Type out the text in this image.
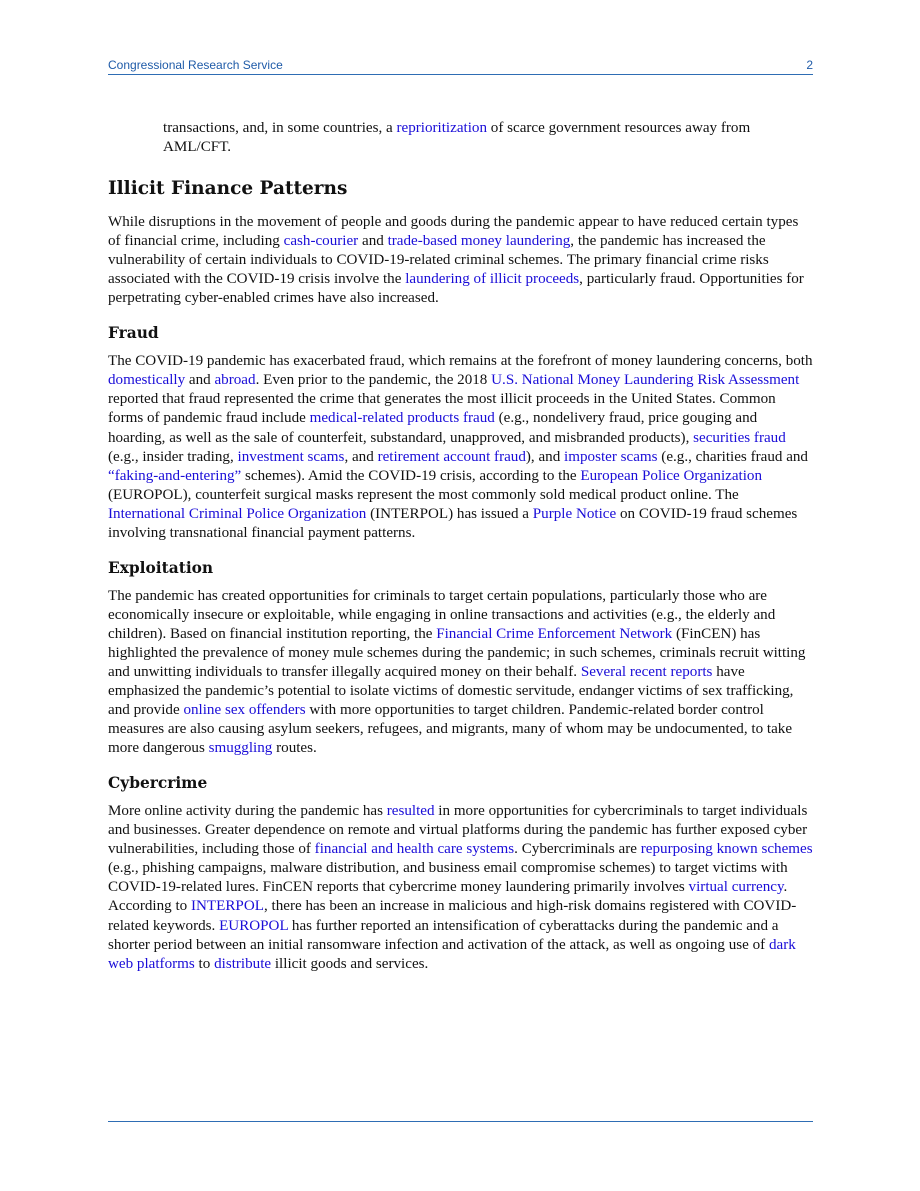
Congressional Research Service	2

transactions, and, in some countries, a reprioritization of scarce government resources away from AML/CFT.

Illicit Finance Patterns

While disruptions in the movement of people and goods during the pandemic appear to have reduced certain types of financial crime, including cash-courier and trade-based money laundering, the pandemic has increased the vulnerability of certain individuals to COVID-19-related criminal schemes. The primary financial crime risks associated with the COVID-19 crisis involve the laundering of illicit proceeds, particularly fraud. Opportunities for perpetrating cyber-enabled crimes have also increased.

Fraud

The COVID-19 pandemic has exacerbated fraud, which remains at the forefront of money laundering concerns, both domestically and abroad. Even prior to the pandemic, the 2018 U.S. National Money Laundering Risk Assessment reported that fraud represented the crime that generates the most illicit proceeds in the United States. Common forms of pandemic fraud include medical-related products fraud (e.g., nondelivery fraud, price gouging and hoarding, as well as the sale of counterfeit, substandard, unapproved, and misbranded products), securities fraud (e.g., insider trading, investment scams, and retirement account fraud), and imposter scams (e.g., charities fraud and “faking-and-entering” schemes). Amid the COVID-19 crisis, according to the European Police Organization (EUROPOL), counterfeit surgical masks represent the most commonly sold medical product online. The International Criminal Police Organization (INTERPOL) has issued a Purple Notice on COVID-19 fraud schemes involving transnational financial payment patterns.

Exploitation

The pandemic has created opportunities for criminals to target certain populations, particularly those who are economically insecure or exploitable, while engaging in online transactions and activities (e.g., the elderly and children). Based on financial institution reporting, the Financial Crime Enforcement Network (FinCEN) has highlighted the prevalence of money mule schemes during the pandemic; in such schemes, criminals recruit witting and unwitting individuals to transfer illegally acquired money on their behalf. Several recent reports have emphasized the pandemic’s potential to isolate victims of domestic servitude, endanger victims of sex trafficking, and provide online sex offenders with more opportunities to target children. Pandemic-related border control measures are also causing asylum seekers, refugees, and migrants, many of whom may be undocumented, to take more dangerous smuggling routes.

Cybercrime

More online activity during the pandemic has resulted in more opportunities for cybercriminals to target individuals and businesses. Greater dependence on remote and virtual platforms during the pandemic has further exposed cyber vulnerabilities, including those of financial and health care systems. Cybercriminals are repurposing known schemes (e.g., phishing campaigns, malware distribution, and business email compromise schemes) to target victims with COVID-19-related lures. FinCEN reports that cybercrime money laundering primarily involves virtual currency. According to INTERPOL, there has been an increase in malicious and high-risk domains registered with COVID-related keywords. EUROPOL has further reported an intensification of cyberattacks during the pandemic and a shorter period between an initial ransomware infection and activation of the attack, as well as ongoing use of dark web platforms to distribute illicit goods and services.
